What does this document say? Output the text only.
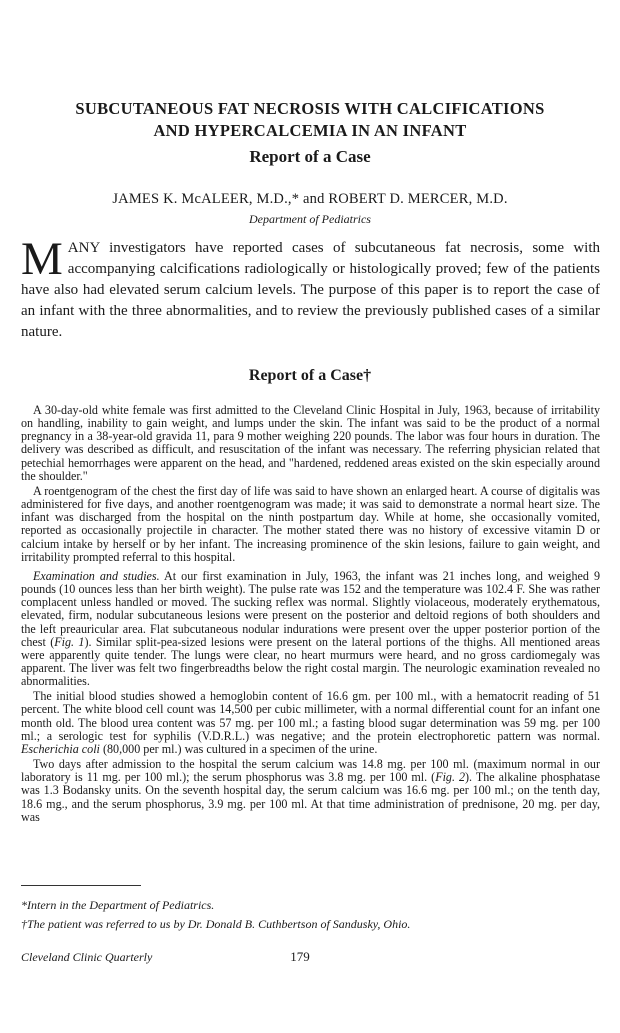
SUBCUTANEOUS FAT NECROSIS WITH CALCIFICATIONS
AND HYPERCALCEMIA IN AN INFANT
Report of a Case

JAMES K. McALEER, M.D.,* and ROBERT D. MERCER, M.D.

Department of Pediatrics

MANY investigators have reported cases of subcutaneous fat necrosis, some with accompanying calcifications radiologically or histologically proved; few of the patients have also had elevated serum calcium levels. The purpose of this paper is to report the case of an infant with the three abnormalities, and to review the previously published cases of a similar nature.

Report of a Case†

A 30-day-old white female was first admitted to the Cleveland Clinic Hospital in July, 1963, because of irritability on handling, inability to gain weight, and lumps under the skin. The infant was said to be the product of a normal pregnancy in a 38-year-old gravida 11, para 9 mother weighing 220 pounds. The labor was four hours in duration. The delivery was described as difficult, and resuscitation of the infant was necessary. The referring physician related that petechial hemorrhages were apparent on the head, and "hardened, reddened areas existed on the skin especially around the shoulder."

A roentgenogram of the chest the first day of life was said to have shown an enlarged heart. A course of digitalis was administered for five days, and another roentgenogram was made; it was said to demonstrate a normal heart size. The infant was discharged from the hospital on the ninth postpartum day. While at home, she occasionally vomited, reported as occasionally projectile in character. The mother stated there was no history of excessive vitamin D or calcium intake by herself or by her infant. The increasing prominence of the skin lesions, failure to gain weight, and irritability prompted referral to this hospital.

Examination and studies. At our first examination in July, 1963, the infant was 21 inches long, and weighed 9 pounds (10 ounces less than her birth weight). The pulse rate was 152 and the temperature was 102.4 F. She was rather complacent unless handled or moved. The sucking reflex was normal. Slightly violaceous, moderately erythematous, elevated, firm, nodular subcutaneous lesions were present on the posterior and deltoid regions of both shoulders and the left preauricular area. Flat subcutaneous nodular indurations were present over the upper posterior portion of the chest (Fig. 1). Similar split-pea-sized lesions were present on the lateral portions of the thighs. All mentioned areas were apparently quite tender. The lungs were clear, no heart murmurs were heard, and no gross cardiomegaly was apparent. The liver was felt two fingerbreadths below the right costal margin. The neurologic examination revealed no abnormalities.

The initial blood studies showed a hemoglobin content of 16.6 gm. per 100 ml., with a hematocrit reading of 51 percent. The white blood cell count was 14,500 per cubic millimeter, with a normal differential count for an infant one month old. The blood urea content was 57 mg. per 100 ml.; a fasting blood sugar determination was 59 mg. per 100 ml.; a serologic test for syphilis (V.D.R.L.) was negative; and the protein electrophoretic pattern was normal. Escherichia coli (80,000 per ml.) was cultured in a specimen of the urine.

Two days after admission to the hospital the serum calcium was 14.8 mg. per 100 ml. (maximum normal in our laboratory is 11 mg. per 100 ml.); the serum phosphorus was 3.8 mg. per 100 ml. (Fig. 2). The alkaline phosphatase was 1.3 Bodansky units. On the seventh hospital day, the serum calcium was 16.6 mg. per 100 ml.; on the tenth day, 18.6 mg., and the serum phosphorus, 3.9 mg. per 100 ml. At that time administration of prednisone, 20 mg. per day, was

*Intern in the Department of Pediatrics.

†The patient was referred to us by Dr. Donald B. Cuthbertson of Sandusky, Ohio.

Cleveland Clinic Quarterly	179
